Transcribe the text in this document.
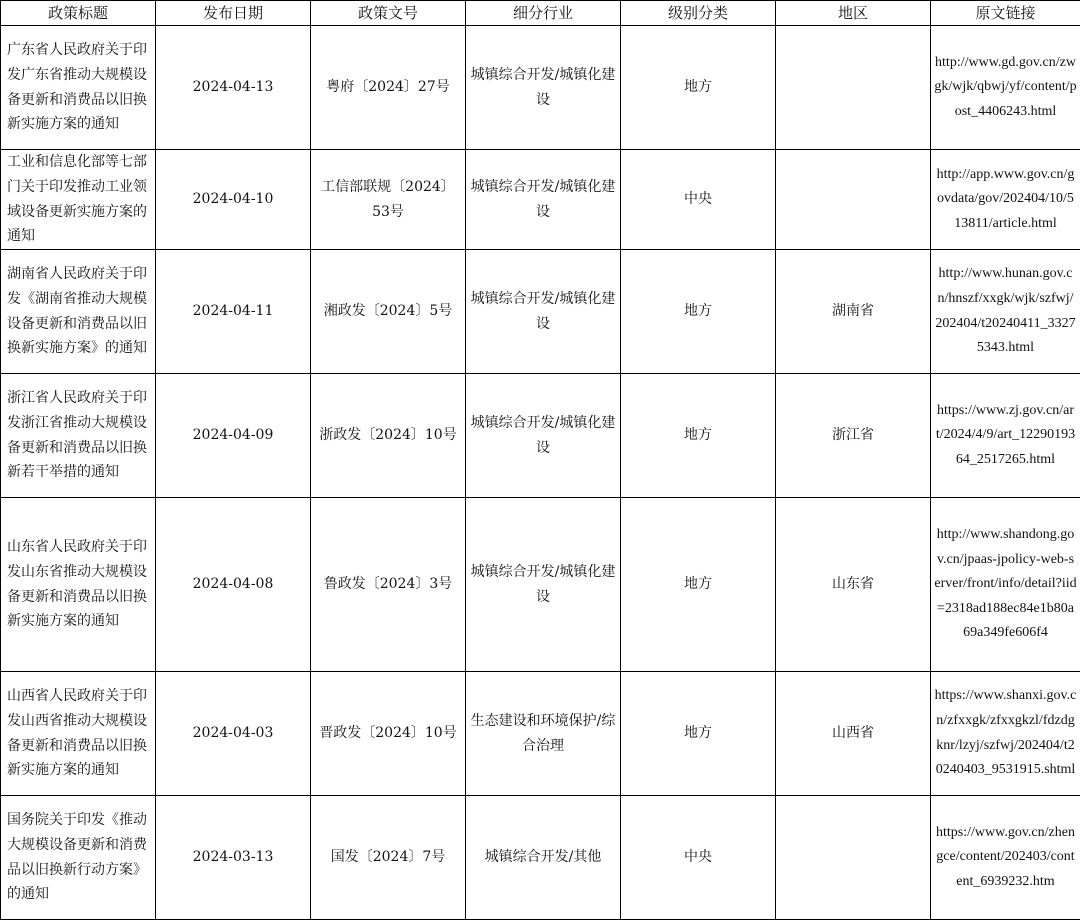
政策标题	发布日期	政策文号	细分行业	级别分类	地区	原文链接
广东省人民政府关于印发广东省推动大规模设备更新和消费品以旧换新实施方案的通知	2024-04-13	粤府〔2024〕27号	城镇综合开发/城镇化建设	地方		http://www.gd.gov.cn/zwgk/wjk/qbwj/yf/content/post_4406243.html
工业和信息化部等七部门关于印发推动工业领域设备更新实施方案的通知	2024-04-10	工信部联规〔2024〕53号	城镇综合开发/城镇化建设	中央		http://app.www.gov.cn/govdata/gov/202404/10/513811/article.html
湖南省人民政府关于印发《湖南省推动大规模设备更新和消费品以旧换新实施方案》的通知	2024-04-11	湘政发〔2024〕5号	城镇综合开发/城镇化建设	地方	湖南省	http://www.hunan.gov.cn/hnszf/xxgk/wjk/szfwj/202404/t20240411_33275343.html
浙江省人民政府关于印发浙江省推动大规模设备更新和消费品以旧换新若干举措的通知	2024-04-09	浙政发〔2024〕10号	城镇综合开发/城镇化建设	地方	浙江省	https://www.zj.gov.cn/art/2024/4/9/art_1229019364_2517265.html
山东省人民政府关于印发山东省推动大规模设备更新和消费品以旧换新实施方案的通知	2024-04-08	鲁政发〔2024〕3号	城镇综合开发/城镇化建设	地方	山东省	http://www.shandong.gov.cn/jpaas-jpolicy-web-server/front/info/detail?iid=2318ad188ec84e1b80a69a349fe606f4
山西省人民政府关于印发山西省推动大规模设备更新和消费品以旧换新实施方案的通知	2024-04-03	晋政发〔2024〕10号	生态建设和环境保护/综合治理	地方	山西省	https://www.shanxi.gov.cn/zfxxgk/zfxxgkzl/fdzdgknr/lzyj/szfwj/202404/t20240403_9531915.shtml
国务院关于印发《推动大规模设备更新和消费品以旧换新行动方案》的通知	2024-03-13	国发〔2024〕7号	城镇综合开发/其他	中央		https://www.gov.cn/zhengce/content/202403/content_6939232.htm
